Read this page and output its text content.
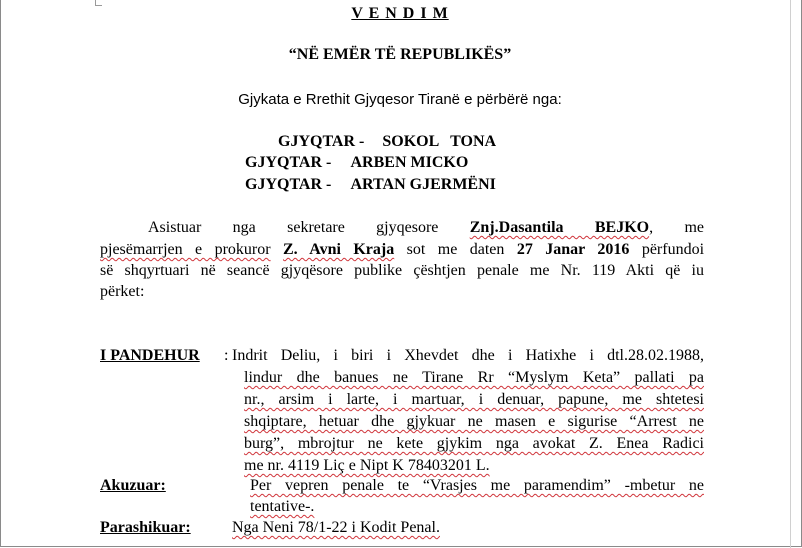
V E N D I M
“NË EMËR TË REPUBLIKËS”
Gjykata e Rrethit Gjyqesor Tiranë e përbërë nga:
GJYQTAR - SOKOL   TONA
GJYQTAR - ARBEN MICKO
GJYQTAR - ARTAN GJERMËNI
Asistuar nga sekretare gjyqesore Znj.Dasantila BEJKO, me
pjesëmarrjen e prokuror Z. Avni Kraja sot me daten 27 Janar 2016 përfundoi
së shqyrtuari në seancë gjyqësore publike çështjen penale me Nr. 119 Akti që iu
përket:
I PANDEHUR : Indrit Deliu, i biri i Xhevdet dhe i Hatixhe i dtl.28.02.1988,
lindur dhe banues ne Tirane Rr “Myslym Keta” pallati pa
nr., arsim i larte, i martuar, i denuar, papune, me shtetesi
shqiptare, hetuar dhe gjykuar ne masen e sigurise “Arrest ne
burg”, mbrojtur ne kete gjykim nga avokat Z. Enea Radici
me nr. 4119 Liç e Nipt K 78403201 L.
Akuzuar:	Per vepren penale te “Vrasjes me paramendim” -mbetur ne
tentative-.
Parashikuar:	Nga Neni 78/1-22 i Kodit Penal.
